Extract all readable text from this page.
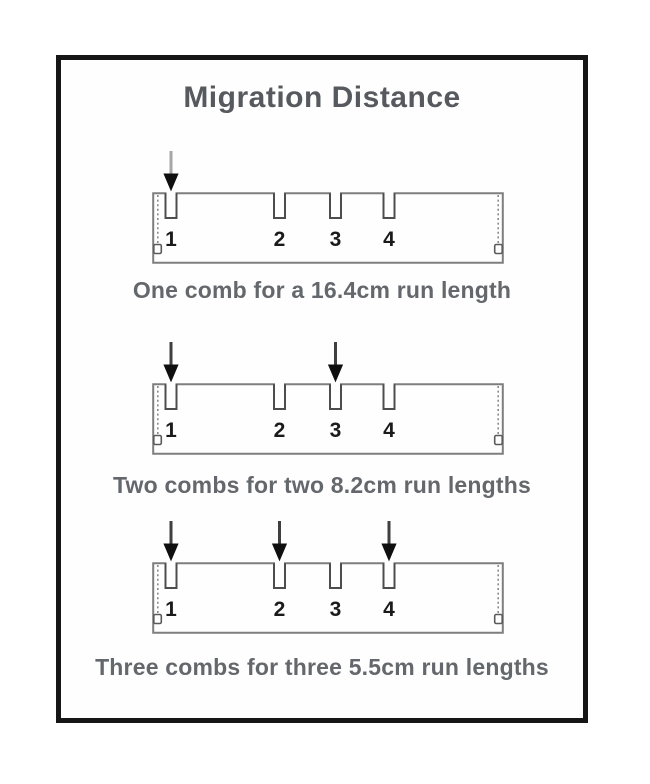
Migration Distance
1	2 3 4

One comb for a 16.4cm run length

1	2 3 4

Two combs for two 8.2cm run lengths

1	2 3 4

Three combs for three 5.5cm run lengths
